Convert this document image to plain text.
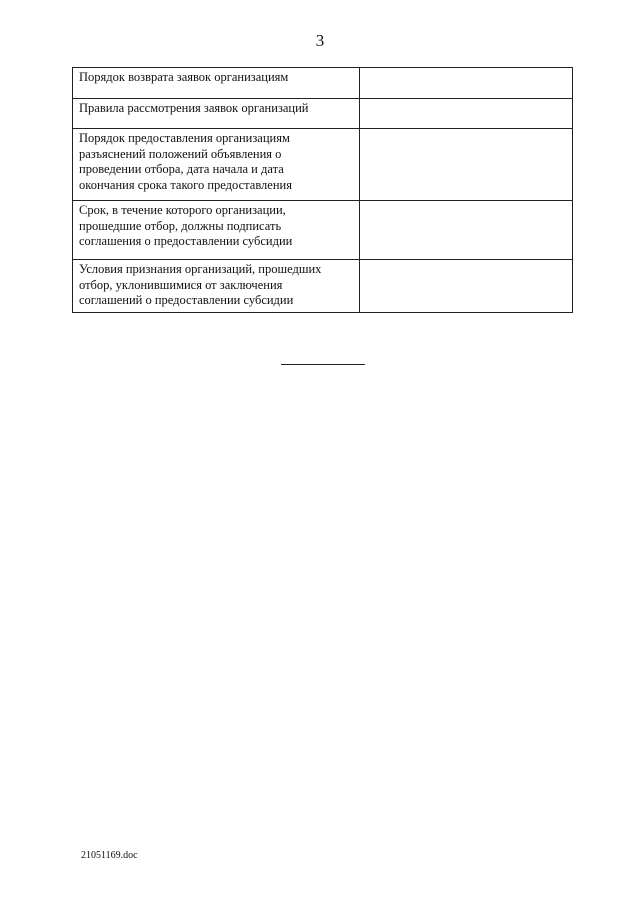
3
Порядок возврата заявок организациям	
Правила рассмотрения заявок организаций	
Порядок предоставления организациям
разъяснений положений объявления о
проведении отбора, дата начала и дата
окончания срока такого предоставления	
Срок, в течение которого организации,
прошедшие отбор, должны подписать
соглашения о предоставлении субсидии	
Условия признания организаций, прошедших
отбор, уклонившимися от заключения
соглашений о предоставлении субсидии	
21051169.doc
